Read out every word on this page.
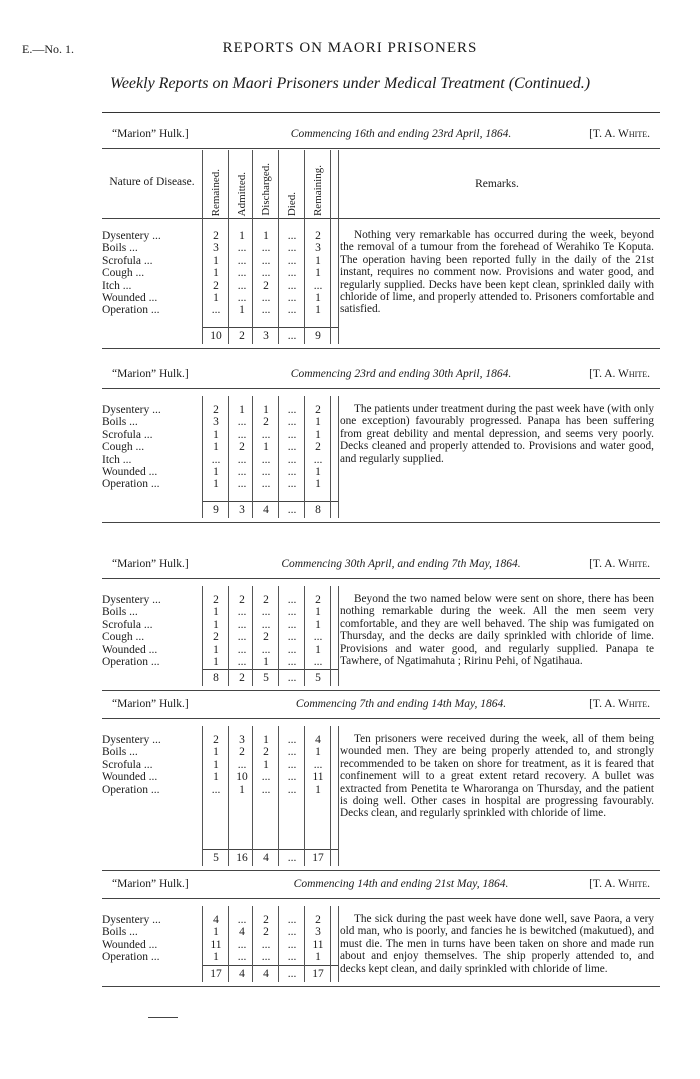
E.—No. 1.	REPORTS ON MAORI PRISONERS
Weekly Reports on Maori Prisoners under Medical Treatment (Continued.)
“Marion” Hulk.]	Commencing 16th and ending 23rd April, 1864.	[T. A. White.
Nature of Disease.	Remained. Admitted. Discharged. Died. Remaining.	Remarks.
Dysentery ...	2	1	1	...	2
Boils ...	3	...	...	...	3
Scrofula ...	1	...	...	...	1
Cough ...	1	...	...	...	1
Itch ...	2	...	2	...	...
Wounded ...	1	...	...	...	1
Operation ...	...	1	...	...	1
10	2	3	...	9
Nothing very remarkable has occurred during the week, beyond the removal of a tumour from the forehead of Werahiko Te Koputa. The operation having been reported fully in the daily of the 21st instant, requires no comment now. Provisions and water good, and regularly supplied. Decks have been kept clean, sprinkled daily with chloride of lime, and properly attended to. Prisoners comfortable and satisfied.
“Marion” Hulk.]	Commencing 23rd and ending 30th April, 1864.	[T. A. White.
Dysentery ...	2	1	1	...	2
Boils ...	3	...	2	...	1
Scrofula ...	1	...	...	...	1
Cough ...	1	2	1	...	2
Itch ...	...	...	...	...	...
Wounded ...	1	...	...	...	1
Operation ...	1	...	...	...	1
9	3	4	...	8
The patients under treatment during the past week have (with only one exception) favourably progressed. Panapa has been suffering from great debility and mental depression, and seems very poorly. Decks cleaned and properly attended to. Provisions and water good, and regularly supplied.
“Marion” Hulk.]	Commencing 30th April, and ending 7th May, 1864.	[T. A. White.
Dysentery ...	2	2	2	...	2
Boils ...	1	...	...	...	1
Scrofula ...	1	...	...	...	1
Cough ...	2	...	2	...	...
Wounded ...	1	...	...	...	1
Operation ...	1	...	1	...	...
8	2	5	...	5
Beyond the two named below were sent on shore, there has been nothing remarkable during the week. All the men seem very comfortable, and they are well behaved. The ship was fumigated on Thursday, and the decks are daily sprinkled with chloride of lime. Provisions and water good, and regularly supplied. Panapa te Tawhere, of Ngatimahuta ; Ririnu Pehi, of Ngatihaua.
“Marion” Hulk.]	Commencing 7th and ending 14th May, 1864.	[T. A. White.
Dysentery ...	2	3	1	...	4
Boils ...	1	2	2	...	1
Scrofula ...	1	...	1	...	...
Wounded ...	1	10	...	...	11
Operation ...	...	1	...	...	1
5	16	4	...	17
Ten prisoners were received during the week, all of them being wounded men. They are being properly attended to, and strongly recommended to be taken on shore for treatment, as it is feared that confinement will to a great extent retard recovery. A bullet was extracted from Penetita te Wharoranga on Thursday, and the patient is doing well. Other cases in hospital are progressing favourably. Decks clean, and regularly sprinkled with chloride of lime.
“Marion” Hulk.]	Commencing 14th and ending 21st May, 1864.	[T. A. White.
Dysentery ...	4	...	2	...	2
Boils ...	1	4	2	...	3
Wounded ...	11	...	...	...	11
Operation ...	1	...	...	...	1
17	4	4	...	17
The sick during the past week have done well, save Paora, a very old man, who is poorly, and fancies he is bewitched (makutued), and must die. The men in turns have been taken on shore and made run about and enjoy themselves. The ship properly attended to, and decks kept clean, and daily sprinkled with chloride of lime.
